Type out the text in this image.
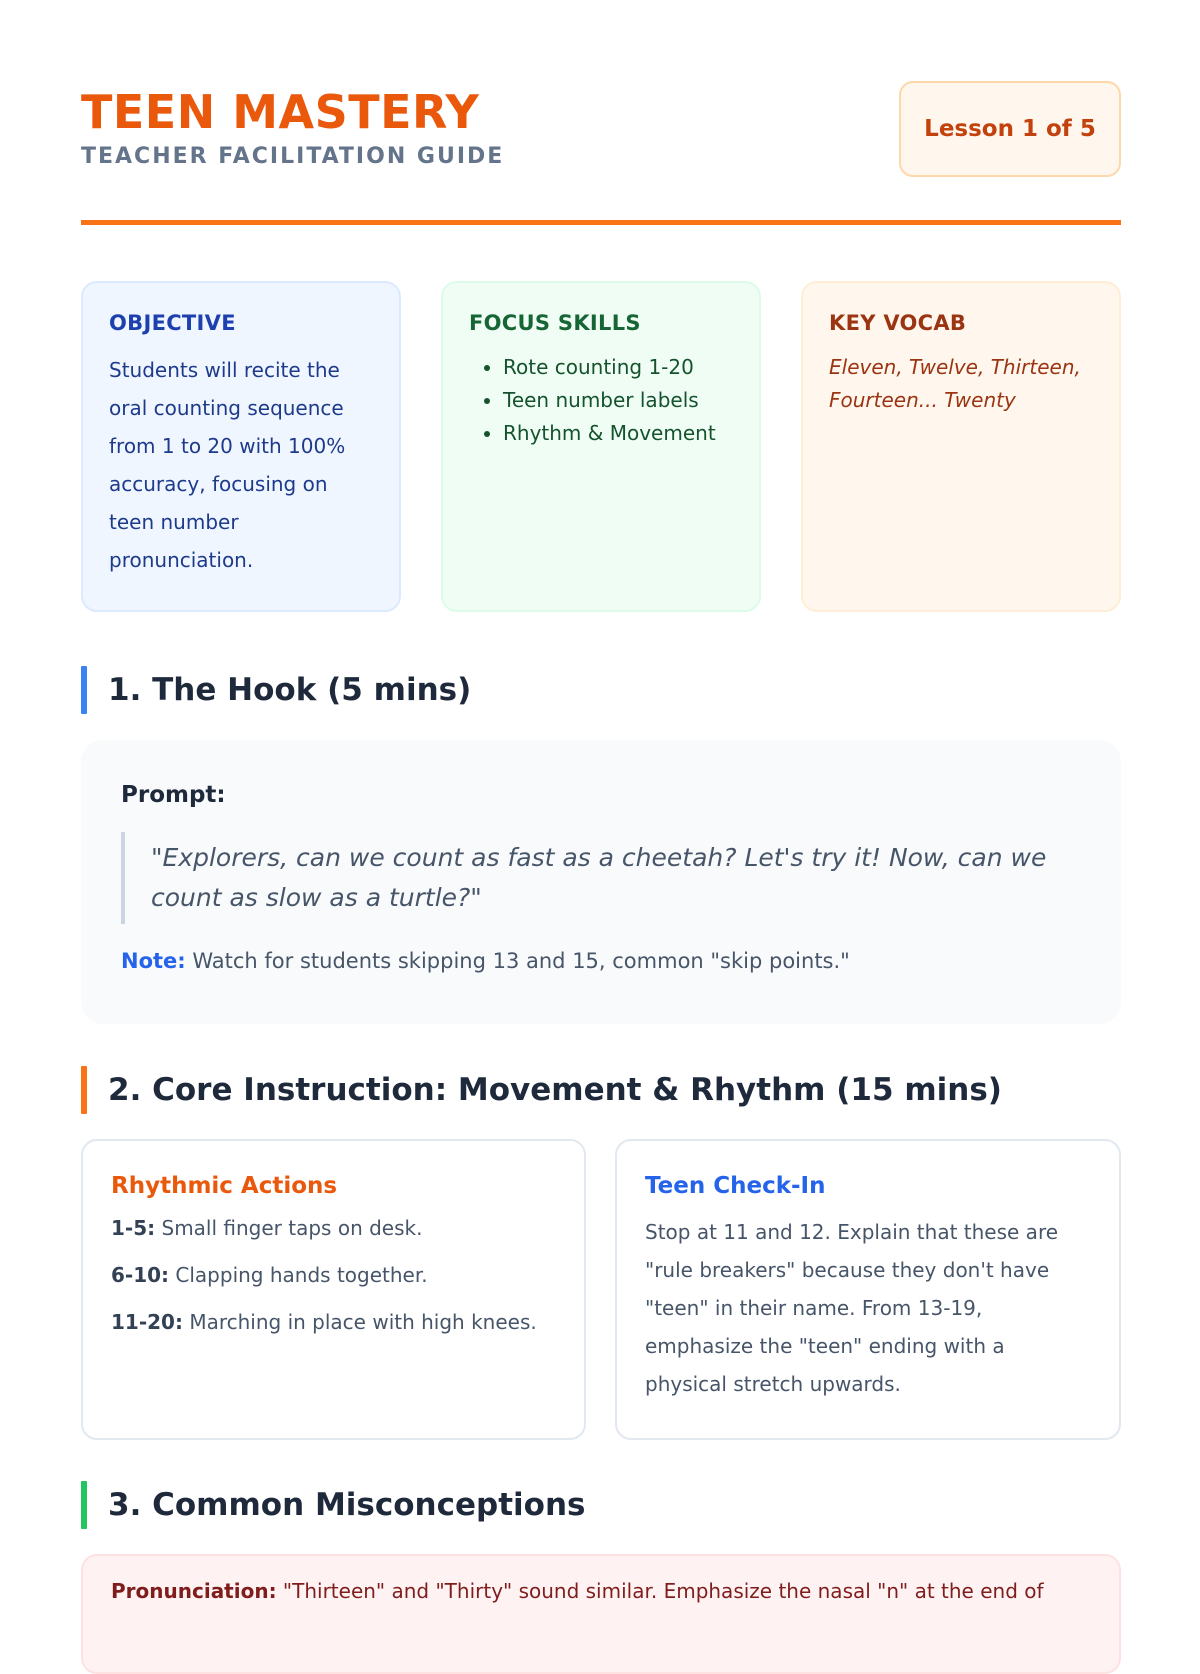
TEEN MASTERY
TEACHER FACILITATION GUIDE
Lesson 1 of 5
OBJECTIVE

Students will recite the oral counting sequence from 1 to 20 with 100% accuracy, focusing on teen number pronunciation.

FOCUS SKILLS
• Rote counting 1-20
• Teen number labels
• Rhythm & Movement
KEY VOCAB

Eleven, Twelve, Thirteen, Fourteen... Twenty

1. The Hook (5 mins)

Prompt:

"Explorers, can we count as fast as a cheetah? Let's try it! Now, can we count as slow as a turtle?"

Note: Watch for students skipping 13 and 15, common "skip points."

2. Core Instruction: Movement & Rhythm (15 mins)
Rhythmic Actions

1-5: Small finger taps on desk.

6-10: Clapping hands together.

11-20: Marching in place with high knees.

Teen Check-In

Stop at 11 and 12. Explain that these are "rule breakers" because they don't have "teen" in their name. From 13-19, emphasize the "teen" ending with a physical stretch upwards.

3. Common Misconceptions

Pronunciation: "Thirteen" and "Thirty" sound similar. Emphasize the nasal "n" at the end of
